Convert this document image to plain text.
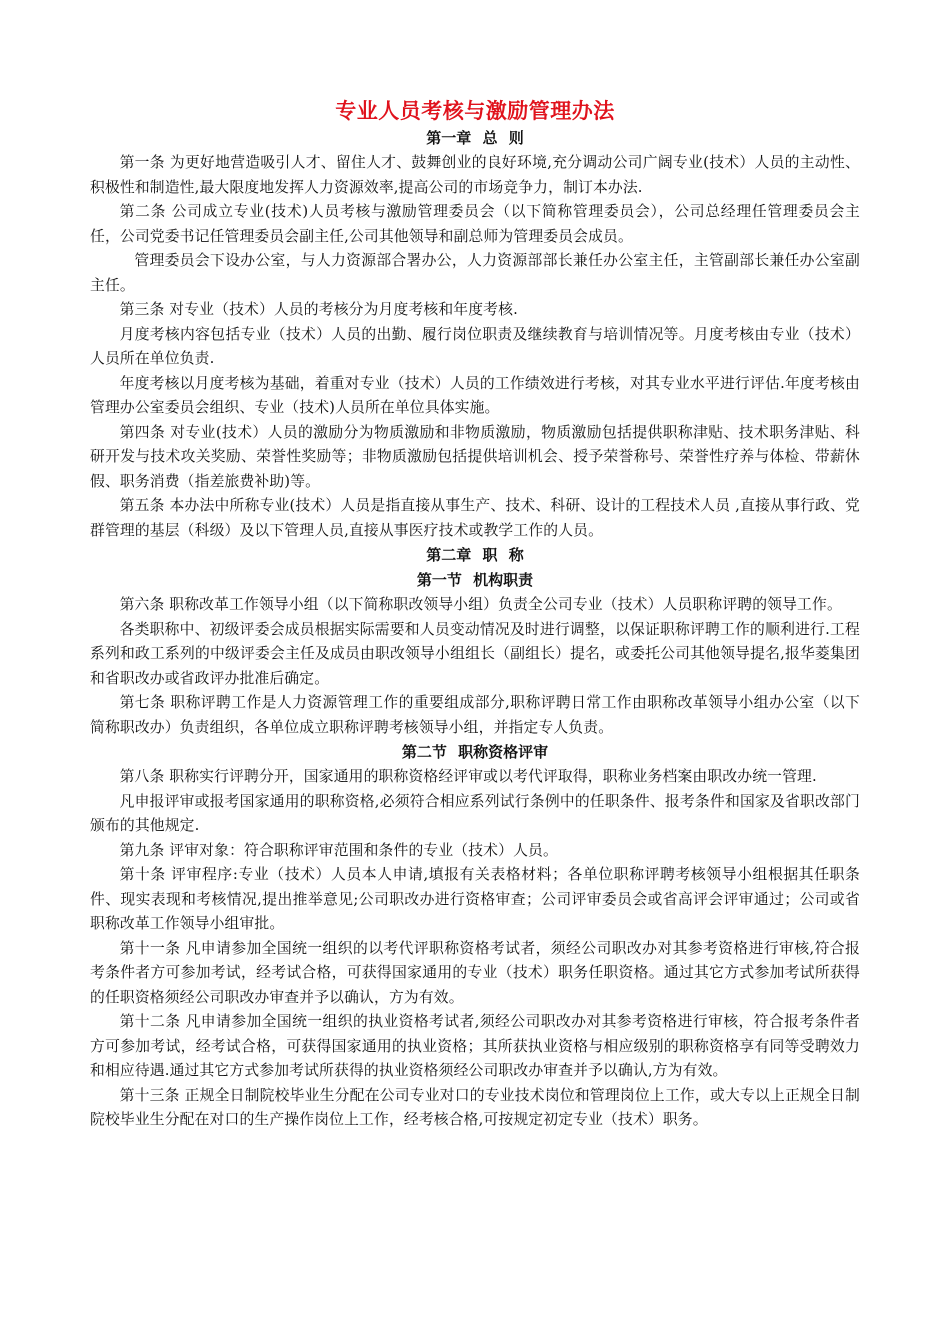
专业人员考核与激励管理办法
第一章 总 则

第一条 为更好地营造吸引人才、留住人才、鼓舞创业的良好环境,充分调动公司广阔专业(技术）人员的主动性、积极性和制造性,最大限度地发挥人力资源效率,提高公司的市场竞争力，制订本办法.

第二条 公司成立专业(技术)人员考核与激励管理委员会（以下简称管理委员会），公司总经理任管理委员会主任，公司党委书记任管理委员会副主任,公司其他领导和副总师为管理委员会成员。

管理委员会下设办公室，与人力资源部合署办公，人力资源部部长兼任办公室主任，主管副部长兼任办公室副主任。

第三条 对专业（技术）人员的考核分为月度考核和年度考核.

月度考核内容包括专业（技术）人员的出勤、履行岗位职责及继续教育与培训情况等。月度考核由专业（技术）人员所在单位负责.

年度考核以月度考核为基础，着重对专业（技术）人员的工作绩效进行考核，对其专业水平进行评估.年度考核由管理办公室委员会组织、专业（技术)人员所在单位具体实施。

第四条 对专业(技术）人员的激励分为物质激励和非物质激励，物质激励包括提供职称津贴、技术职务津贴、科研开发与技术攻关奖励、荣誉性奖励等；非物质激励包括提供培训机会、授予荣誉称号、荣誉性疗养与体检、带薪休假、职务消费（指差旅费补助)等。

第五条 本办法中所称专业(技术）人员是指直接从事生产、技术、科研、设计的工程技术人员 ,直接从事行政、党群管理的基层（科级）及以下管理人员,直接从事医疗技术或教学工作的人员。

第二章 职 称
第一节 机构职责

第六条 职称改革工作领导小组（以下简称职改领导小组）负责全公司专业（技术）人员职称评聘的领导工作。

各类职称中、初级评委会成员根据实际需要和人员变动情况及时进行调整，以保证职称评聘工作的顺利进行.工程系列和政工系列的中级评委会主任及成员由职改领导小组组长（副组长）提名，或委托公司其他领导提名,报华菱集团和省职改办或省政评办批准后确定。

第七条 职称评聘工作是人力资源管理工作的重要组成部分,职称评聘日常工作由职称改革领导小组办公室（以下简称职改办）负责组织，各单位成立职称评聘考核领导小组，并指定专人负责。

第二节 职称资格评审

第八条 职称实行评聘分开，国家通用的职称资格经评审或以考代评取得，职称业务档案由职改办统一管理.

凡申报评审或报考国家通用的职称资格,必须符合相应系列试行条例中的任职条件、报考条件和国家及省职改部门颁布的其他规定.

第九条 评审对象：符合职称评审范围和条件的专业（技术）人员。

第十条 评审程序:专业（技术）人员本人申请,填报有关表格材料；各单位职称评聘考核领导小组根据其任职条件、现实表现和考核情况,提出推举意见;公司职改办进行资格审查；公司评审委员会或省高评会评审通过；公司或省职称改革工作领导小组审批。

第十一条 凡申请参加全国统一组织的以考代评职称资格考试者，须经公司职改办对其参考资格进行审核,符合报考条件者方可参加考试，经考试合格，可获得国家通用的专业（技术）职务任职资格。通过其它方式参加考试所获得的任职资格须经公司职改办审查并予以确认，方为有效。

第十二条 凡申请参加全国统一组织的执业资格考试者,须经公司职改办对其参考资格进行审核，符合报考条件者方可参加考试，经考试合格，可获得国家通用的执业资格；其所获执业资格与相应级别的职称资格享有同等受聘效力和相应待遇.通过其它方式参加考试所获得的执业资格须经公司职改办审查并予以确认,方为有效。

第十三条 正规全日制院校毕业生分配在公司专业对口的专业技术岗位和管理岗位上工作，或大专以上正规全日制院校毕业生分配在对口的生产操作岗位上工作，经考核合格,可按规定初定专业（技术）职务。
